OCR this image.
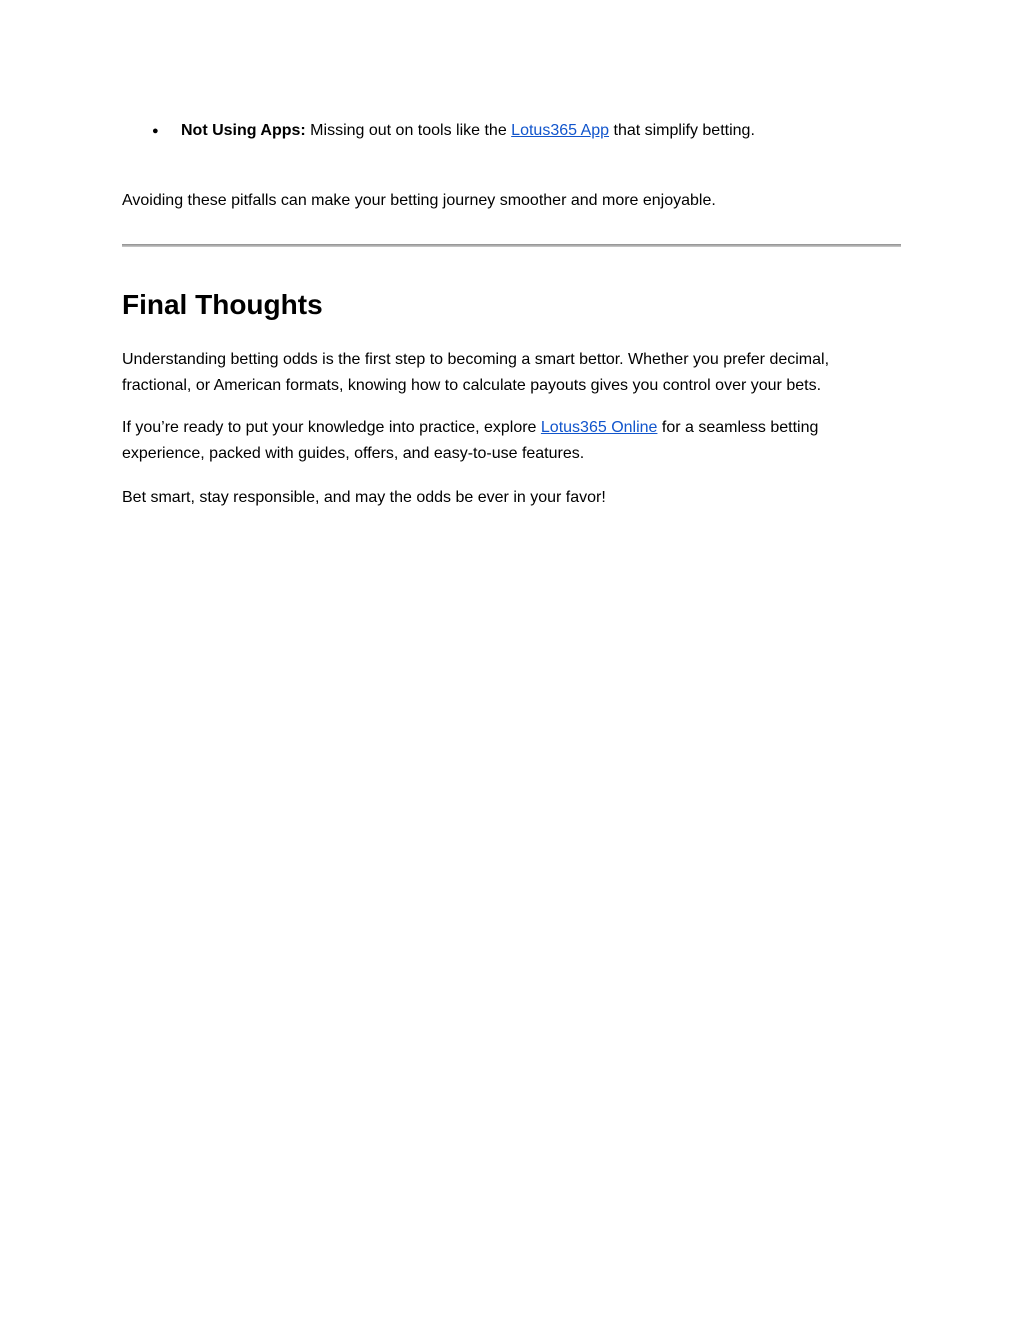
● Not Using Apps: Missing out on tools like the Lotus365 App that simplify betting.

Avoiding these pitfalls can make your betting journey smoother and more enjoyable.

Final Thoughts

Understanding betting odds is the first step to becoming a smart bettor. Whether you prefer decimal, fractional, or American formats, knowing how to calculate payouts gives you control over your bets.

If you’re ready to put your knowledge into practice, explore Lotus365 Online for a seamless betting experience, packed with guides, offers, and easy-to-use features.

Bet smart, stay responsible, and may the odds be ever in your favor!
